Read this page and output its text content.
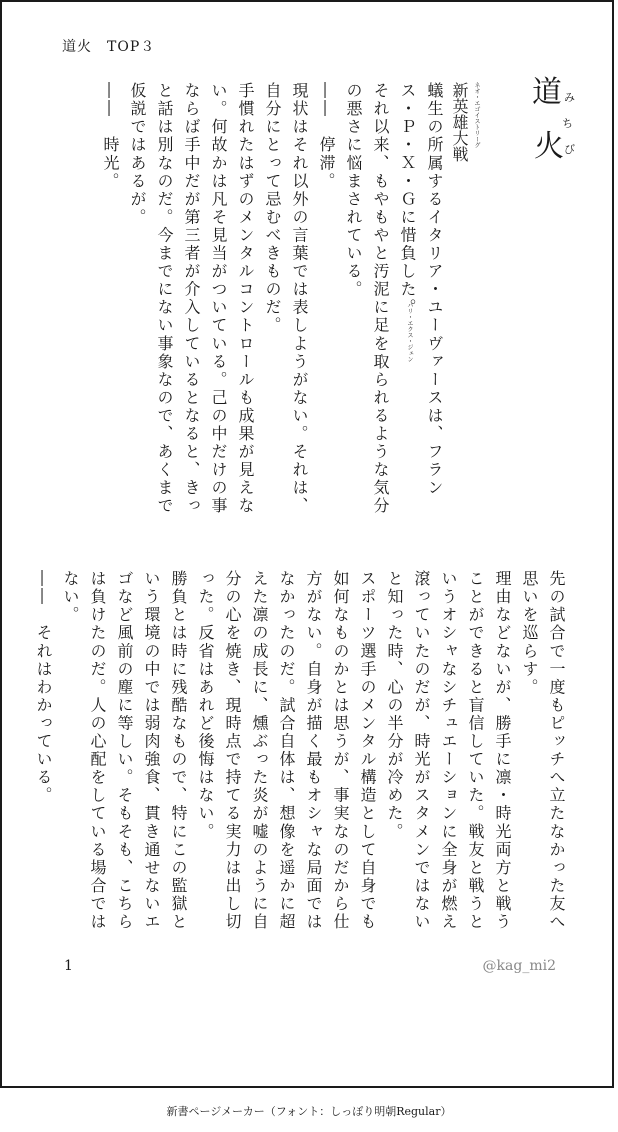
道火　TOP３
道
火
み
ち
び
新英雄大戦 ネオ・エゴイストリーグ
蟻生の所属するイタリア・ユーヴァースは、フランス・Ｐ・Ｘ・Ｇに惜負した。
それ以来、もやもやと汚泥に足を取られるような気分の悪さに悩まされている。
――　停滞。
現状はそれ以外の言葉では表しようがない。それは、自分にとって忌むべきものだ。
手慣れたはずのメンタルコントロールも成果が見えない。何故かは凡そ見当がついている。己の中だけの事ならば手中だが第三者が介入しているとなると、きっと話は別なのだ。今までにない事象なので、あくまで仮説ではあるが。
――　時光。
パリ・エクス・ジェン
先の試合で一度もピッチへ立たなかった友へ思いを巡らす。
理由などないが、勝手に凛・時光両方と戦うことができると盲信していた。戦友と戦うというオシャなシチュエーションに全身が燃え滾っていたのだが、時光がスタメンではないと知った時、心の半分が冷めた。
スポーツ選手のメンタル構造として自身でも如何なものかとは思うが、事実なのだから仕方がない。自身が描く最もオシャな局面ではなかったのだ。試合自体は、想像を遥かに超えた凛の成長に、燻ぶった炎が嘘のように自分の心を焼き、現時点で持てる実力は出し切った。反省はあれど後悔はない。
勝負とは時に残酷なもので、特にこの監獄という環境の中では弱肉強食、貫き通せないエゴなど風前の塵に等しい。そもそも、こちらは負けたのだ。人の心配をしている場合ではない。
――　それはわかっている。
1	@kag_mi2
新書ページメーカー（フォント：しっぽり明朝Regular）
